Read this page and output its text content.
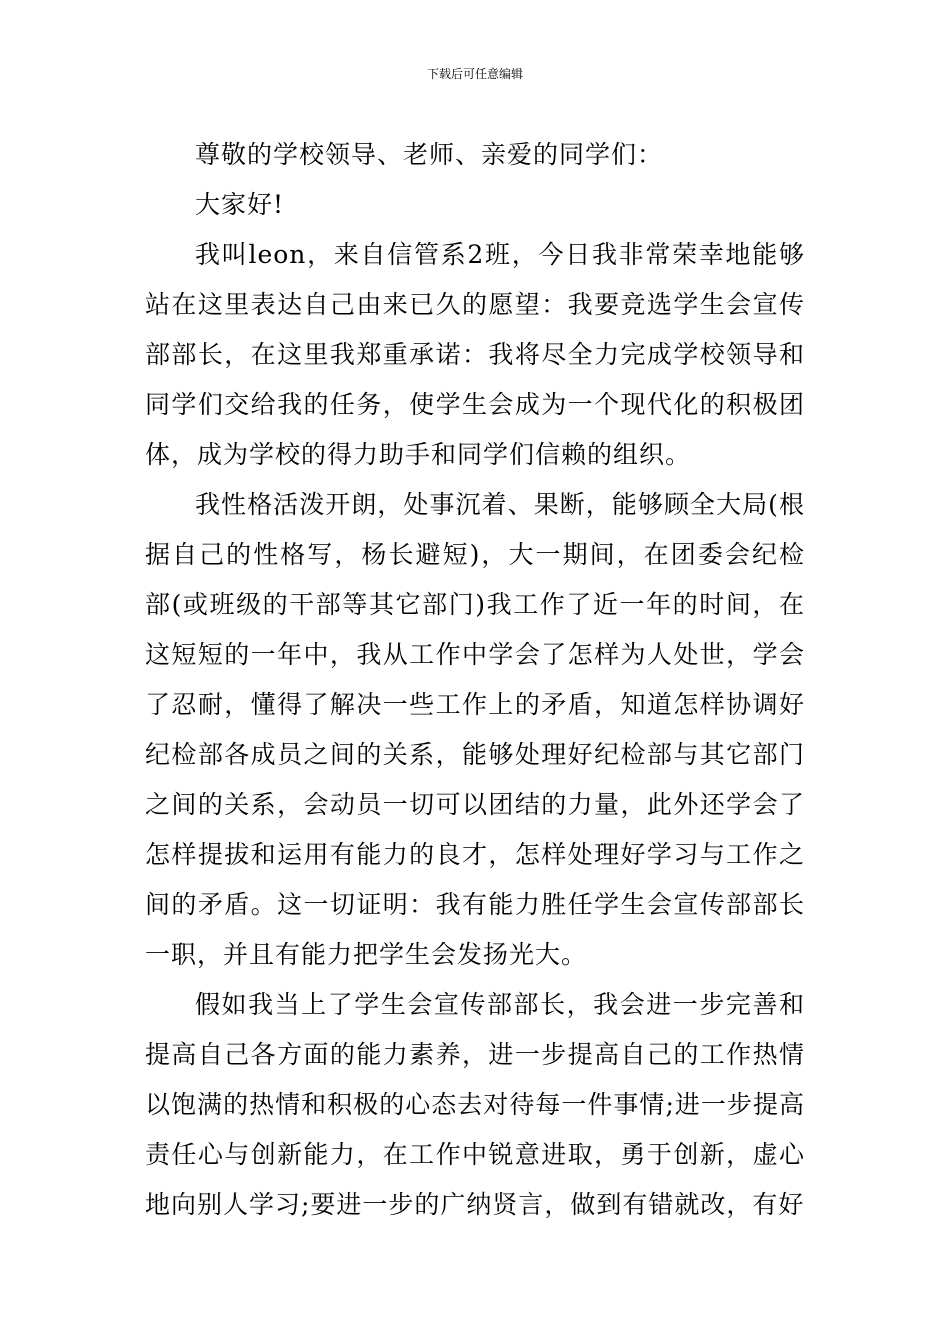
下载后可任意编辑

尊敬的学校领导、老师、亲爱的同学们：

大家好!

我叫leon，来自信管系2班，今日我非常荣幸地能够站在这里表达自己由来已久的愿望：我要竞选学生会宣传部部长，在这里我郑重承诺：我将尽全力完成学校领导和同学们交给我的任务，使学生会成为一个现代化的积极团体，成为学校的得力助手和同学们信赖的组织。

我性格活泼开朗，处事沉着、果断，能够顾全大局(根据自己的性格写，杨长避短)，大一期间，在团委会纪检部(或班级的干部等其它部门)我工作了近一年的时间，在这短短的一年中，我从工作中学会了怎样为人处世，学会了忍耐，懂得了解决一些工作上的矛盾，知道怎样协调好纪检部各成员之间的关系，能够处理好纪检部与其它部门之间的关系，会动员一切可以团结的力量，此外还学会了怎样提拔和运用有能力的良才，怎样处理好学习与工作之间的矛盾。这一切证明：我有能力胜任学生会宣传部部长一职，并且有能力把学生会发扬光大。

假如我当上了学生会宣传部部长，我会进一步完善和提高自己各方面的能力素养，进一步提高自己的工作热情以饱满的热情和积极的心态去对待每一件事情;进一步提高责任心与创新能力，在工作中锐意进取，勇于创新，虚心地向别人学习;要进一步的广纳贤言，做到有错就改，有好
